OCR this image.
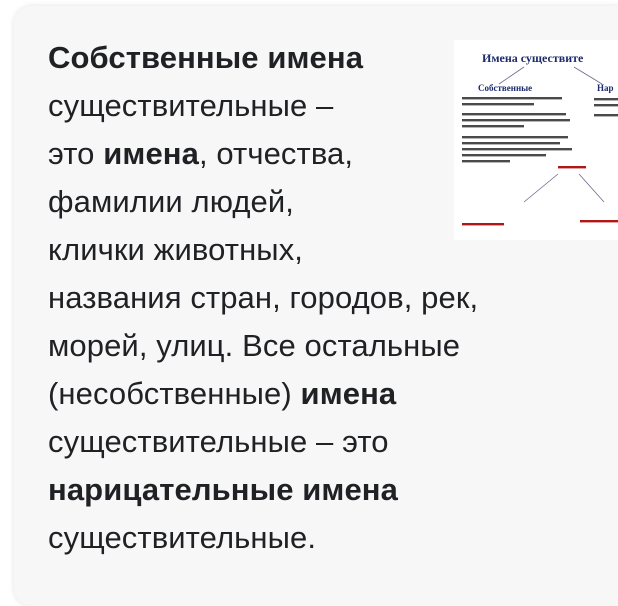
Собственные имена
существительные –
это имена, отчества,
фамилии людей,
клички животных,
названия стран, городов, рек,
морей, улиц. Все остальные
(несобственные) имена
существительные – это
нарицательные имена
существительные.
Имена существите
Собственные	Нар
